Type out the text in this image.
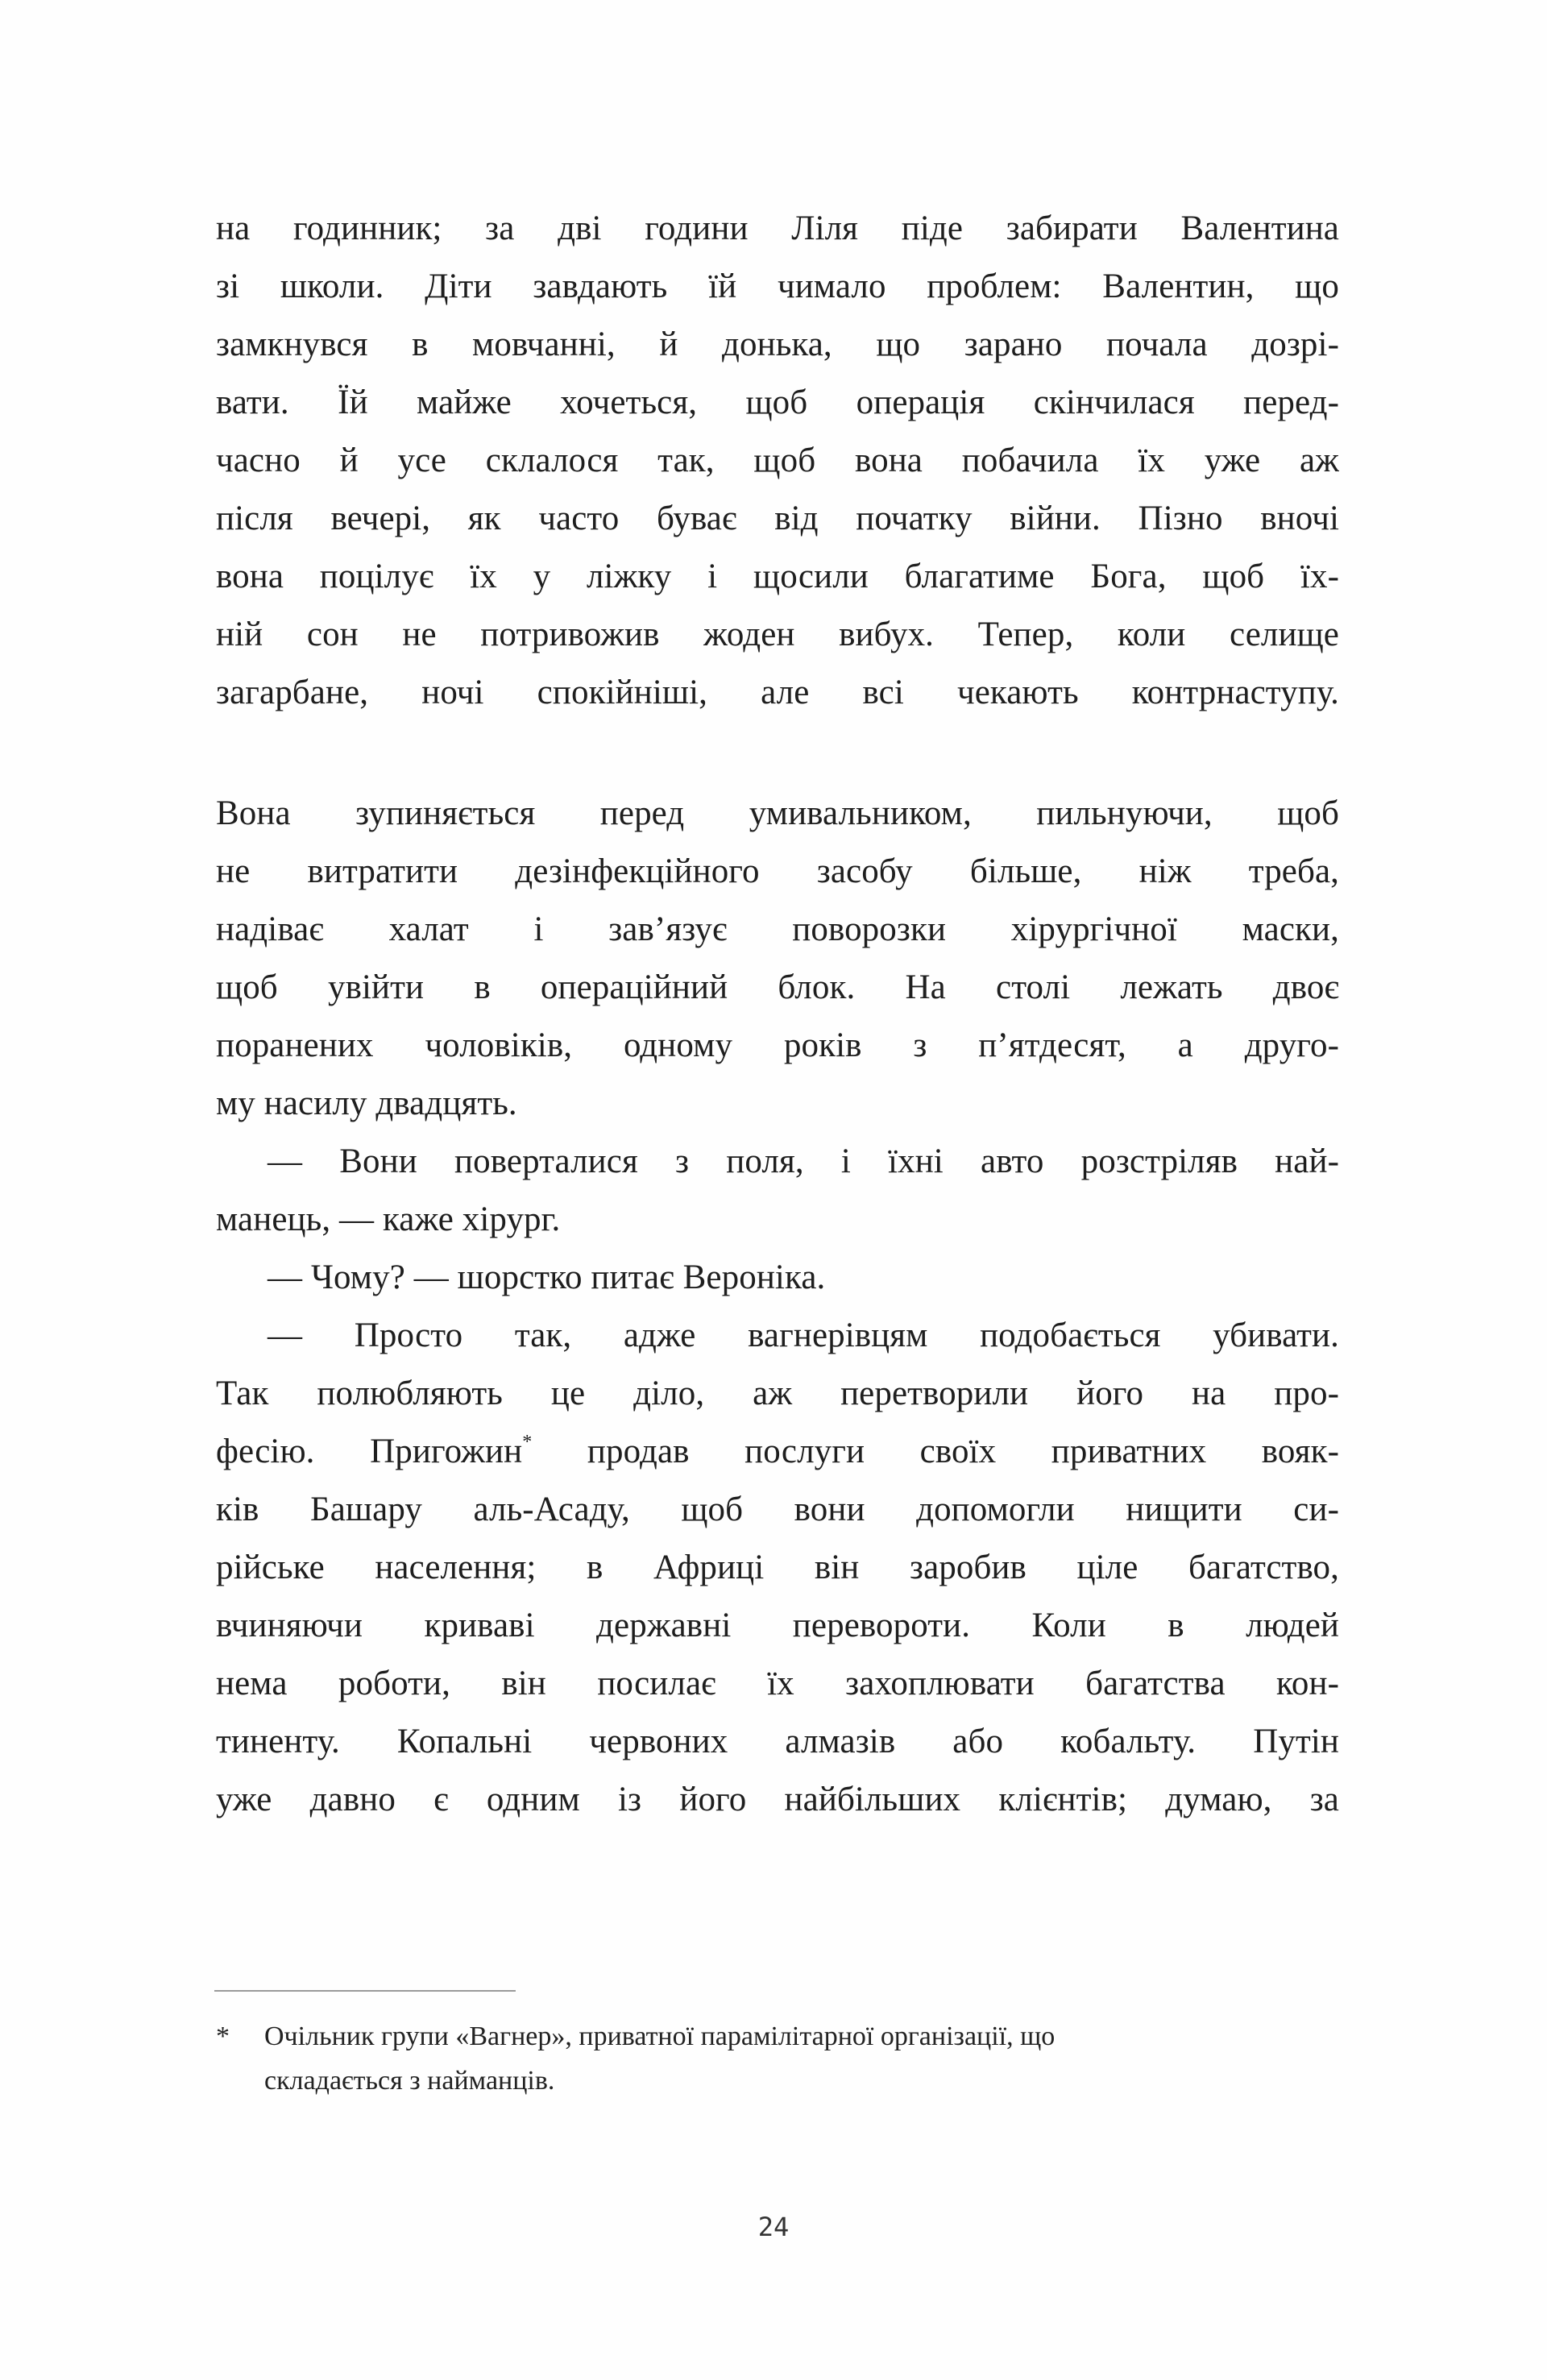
на годинник; за дві години Ліля піде забирати Валентина
зі школи. Діти завдають їй чимало проблем: Валентин, що
замкнувся в мовчанні, й донька, що зарано почала дозрі-
вати. Їй майже хочеться, щоб операція скінчилася перед-
часно й усе склалося так, щоб вона побачила їх уже аж
після вечері, як часто буває від початку війни. Пізно вночі
вона поцілує їх у ліжку і щосили благатиме Бога, щоб їх-
ній сон не потривожив жоден вибух. Тепер, коли селище
загарбане, ночі спокійніші, але всі чекають контрнаступу.
Вона зупиняється перед умивальником, пильнуючи, щоб
не витратити дезінфекційного засобу більше, ніж треба,
надіває халат і зав’язує поворозки хірургічної маски,
щоб увійти в операційний блок. На столі лежать двоє
поранених чоловіків, одному років з п’ятдесят, а друго-
му насилу двадцять.
— Вони поверталися з поля, і їхні авто розстріляв най-
манець, — каже хірург.
— Чому? — шорстко питає Вероніка.
— Просто так, адже вагнерівцям подобається убивати.
Так полюбляють це діло, аж перетворили його на про-
фесію. Пригожин* продав послуги своїх приватних вояк-
ків Башару аль-Асаду, щоб вони допомогли нищити си-
рійське населення; в Африці він заробив ціле багатство,
вчиняючи криваві державні перевороти. Коли в людей
нема роботи, він посилає їх захоплювати багатства кон-
тиненту. Копальні червоних алмазів або кобальту. Путін
уже давно є одним із його найбільших клієнтів; думаю, за
*	Очільник групи «Вагнер», приватної парамілітарної організації, що
складається з найманців.
24
